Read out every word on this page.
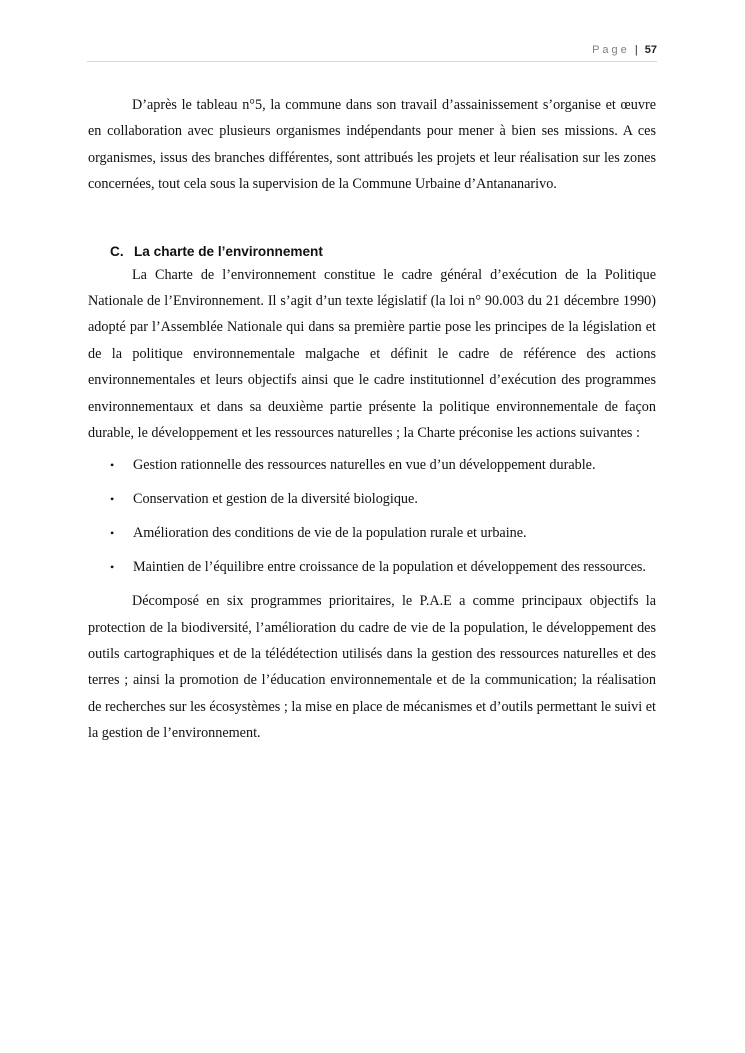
Page | 57

D’après le tableau n°5, la commune dans son travail d’assainissement s’organise et œuvre en collaboration avec plusieurs organismes indépendants pour mener à bien ses missions. A ces organismes, issus des branches différentes, sont attribués les projets et leur réalisation sur les zones concernées, tout cela sous la supervision de la Commune Urbaine d’Antananarivo.

C. La charte de l’environnement

La Charte de l’environnement constitue le cadre général d’exécution de la Politique Nationale de l’Environnement. Il s’agit d’un texte législatif (la loi n° 90.003 du 21 décembre 1990) adopté par l’Assemblée Nationale qui dans sa première partie pose les principes de la législation et de la politique environnementale malgache et définit le cadre de référence des actions environnementales et leurs objectifs ainsi que le cadre institutionnel d’exécution des programmes environnementaux et dans sa deuxième partie présente la politique environnementale de façon durable, le développement et les ressources naturelles ; la Charte préconise les actions suivantes :

• Gestion rationnelle des ressources naturelles en vue d’un développement durable.
• Conservation et gestion de la diversité biologique.
• Amélioration des conditions de vie de la population rurale et urbaine.
• Maintien de l’équilibre entre croissance de la population et développement des ressources.

Décomposé en six programmes prioritaires, le P.A.E a comme principaux objectifs la protection de la biodiversité, l’amélioration du cadre de vie de la population, le développement des outils cartographiques et de la télédétection utilisés dans la gestion des ressources naturelles et des terres ; ainsi la promotion de l’éducation environnementale et de la communication; la réalisation de recherches sur les écosystèmes ; la mise en place de mécanismes et d’outils permettant le suivi et la gestion de l’environnement.
